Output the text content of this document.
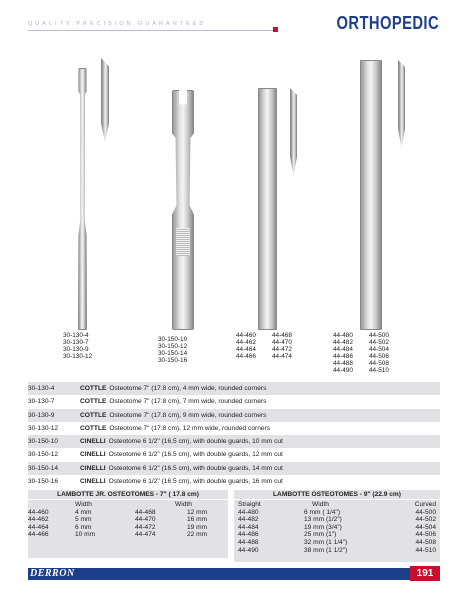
QUALITY.PRECISION.GUARANTEED.	ORTHOPEDIC
30-130-4
30-130-7
30-130-9
30-130-12
30-150-10
30-150-12
30-150-14
30-150-16
44-460
44-462
44-464
44-466
44-468
44-470
44-472
44-474
44-480
44-482
44-484
44-486
44-488
44-490
44-500
44-502
44-504
44-506
44-508
44-510
30-130-4	COTTLE Osteotome 7" (17.8 cm), 4 mm wide, rounded corners
30-130-7	COTTLE Osteotome 7" (17.8 cm), 7 mm wide, rounded corners
30-130-9	COTTLE Osteotome 7" (17.8 cm), 9 mm wide, rounded corners
30-130-12	COTTLE Osteotome 7" (17.8 cm), 12 mm wide, rounded corners
30-150-10	CINELLI Osteotome 6 1/2" (16.5 cm), with double guards, 10 mm cut
30-150-12	CINELLI Osteotome 6 1/2" (16.5 cm), with double guards, 12 mm cut
30-150-14	CINELLI Osteotome 6 1/2" (16.5 cm), with double guards, 14 mm cut
30-150-16	CINELLI Osteotome 6 1/2" (16.5 cm), with double guards, 16 mm cut
LAMBOTTE JR. OSTEOTOMES - 7" ( 17.8 cm)
Width	Width
44-460	4 mm	44-468	12 mm
44-462	5 mm	44-470	16 mm
44-464	6 mm	44-472	19 mm
44-466	10 mm	44-474	22 mm
LAMBOTTE OSTEOTOMES - 9" (22.9 cm)
Straight	Width	Curved
44-480	6 mm ( 1/4")	44-500
44-482	13 mm (1/2")	44-502
44-484	19 mm (3/4")	44-504
44-486	25 mm (1")	44-506
44-488	32 mm (1 1/4")	44-508
44-490	38 mm (1 1/2")	44-510
DERRON	191
